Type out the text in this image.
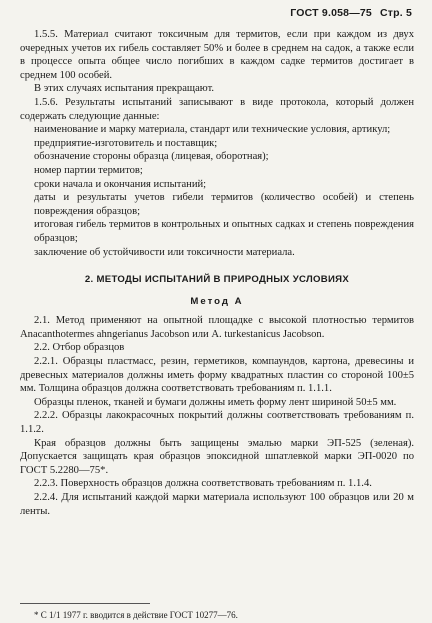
ГОСТ 9.058—75 Стр. 5

1.5.5. Материал считают токсичным для термитов, если при каждом из двух очередных учетов их гибель составляет 50% и более в среднем на садок, а также если в процессе опыта общее число погибших в каждом садке термитов достигает в среднем 100 особей.

В этих случаях испытания прекращают.

1.5.6. Результаты испытаний записывают в виде протокола, который должен содержать следующие данные:

наименование и марку материала, стандарт или технические условия, артикул;

предприятие-изготовитель и поставщик;

обозначение стороны образца (лицевая, оборотная);

номер партии термитов;

сроки начала и окончания испытаний;

даты и результаты учетов гибели термитов (количество особей) и степень повреждения образцов;

итоговая гибель термитов в контрольных и опытных садках и степень повреждения образцов;

заключение об устойчивости или токсичности материала.

2. МЕТОДЫ ИСПЫТАНИЙ В ПРИРОДНЫХ УСЛОВИЯХ
Метод А

2.1. Метод применяют на опытной площадке с высокой плотностью термитов Anacanthotermes ahngerianus Jacobson или A. turkestanicus Jacobson.

2.2. Отбор образцов

2.2.1. Образцы пластмасс, резин, герметиков, компаундов, картона, древесины и древесных материалов должны иметь форму квадратных пластин со стороной 100±5 мм. Толщина образцов должна соответствовать требованиям п. 1.1.1.

Образцы пленок, тканей и бумаги должны иметь форму лент шириной 50±5 мм.

2.2.2. Образцы лакокрасочных покрытий должны соответствовать требованиям п. 1.1.2.

Края образцов должны быть защищены эмалью марки ЭП-525 (зеленая). Допускается защищать края образцов эпоксидной шпатлевкой марки ЭП-0020 по ГОСТ 5.2280—75*.

2.2.3. Поверхность образцов должна соответствовать требованиям п. 1.1.4.

2.2.4. Для испытаний каждой марки материала используют 100 образцов или 20 м ленты.

* С 1/1 1977 г. вводится в действие ГОСТ 10277—76.
